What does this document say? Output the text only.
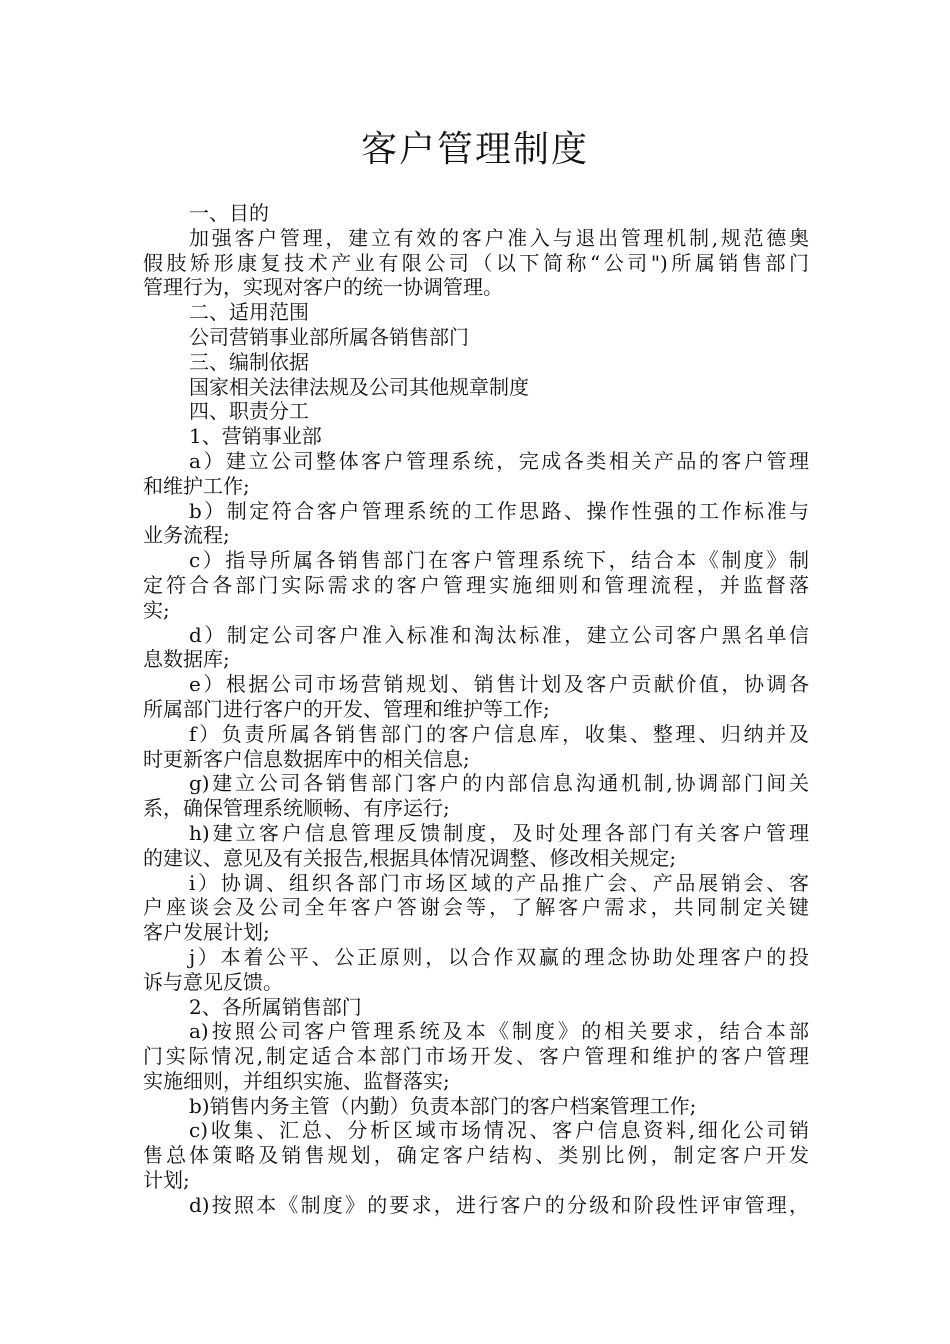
客户管理制度
一、目的
加强客户管理，建立有效的客户准入与退出管理机制,规范德奥
假肢矫形康复技术产业有限公司（以下简称“公司")所属销售部门
管理行为，实现对客户的统一协调管理。
二、适用范围
公司营销事业部所属各销售部门
三、编制依据
国家相关法律法规及公司其他规章制度
四、职责分工
1、营销事业部
a）建立公司整体客户管理系统，完成各类相关产品的客户管理
和维护工作;
b）制定符合客户管理系统的工作思路、操作性强的工作标准与
业务流程;
c）指导所属各销售部门在客户管理系统下，结合本《制度》制
定符合各部门实际需求的客户管理实施细则和管理流程，并监督落
实;
d）制定公司客户准入标准和淘汰标准，建立公司客户黑名单信
息数据库;
e）根据公司市场营销规划、销售计划及客户贡献价值，协调各
所属部门进行客户的开发、管理和维护等工作;
f）负责所属各销售部门的客户信息库，收集、整理、归纳并及
时更新客户信息数据库中的相关信息;
g)建立公司各销售部门客户的内部信息沟通机制,协调部门间关
系，确保管理系统顺畅、有序运行;
h)建立客户信息管理反馈制度，及时处理各部门有关客户管理
的建议、意见及有关报告,根据具体情况调整、修改相关规定;
i）协调、组织各部门市场区域的产品推广会、产品展销会、客
户座谈会及公司全年客户答谢会等，了解客户需求，共同制定关键
客户发展计划;
j）本着公平、公正原则，以合作双赢的理念协助处理客户的投
诉与意见反馈。
2、各所属销售部门
a)按照公司客户管理系统及本《制度》的相关要求，结合本部
门实际情况,制定适合本部门市场开发、客户管理和维护的客户管理
实施细则，并组织实施、监督落实;
b)销售内务主管（内勤）负责本部门的客户档案管理工作;
c)收集、汇总、分析区域市场情况、客户信息资料,细化公司销
售总体策略及销售规划，确定客户结构、类别比例，制定客户开发
计划;
d)按照本《制度》的要求，进行客户的分级和阶段性评审管理，
